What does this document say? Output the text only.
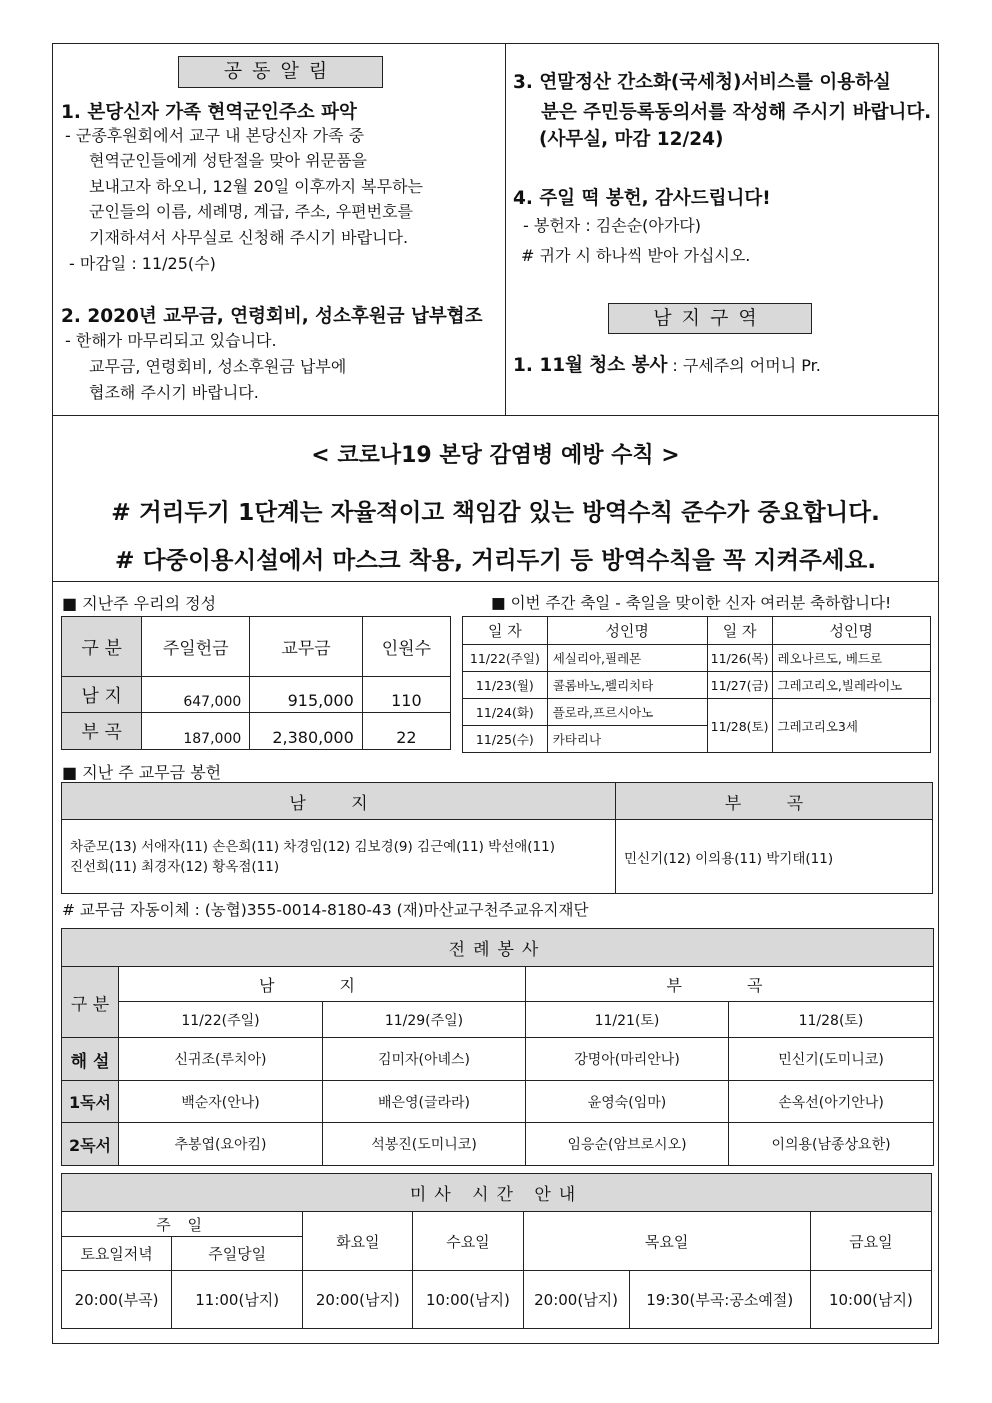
공동알림
1. 본당신자 가족 현역군인주소 파악
- 군종후원회에서 교구 내 본당신자 가족 중
현역군인들에게 성탄절을 맞아 위문품을
보내고자 하오니, 12월 20일 이후까지 복무하는
군인들의 이름, 세례명, 계급, 주소, 우편번호를
기재하셔서 사무실로 신청해 주시기 바랍니다.
- 마감일 : 11/25(수)
2. 2020년 교무금, 연령회비, 성소후원금 납부협조
- 한해가 마무리되고 있습니다.
교무금, 연령회비, 성소후원금 납부에
협조해 주시기 바랍니다.
3. 연말정산 간소화(국세청)서비스를 이용하실
분은 주민등록동의서를 작성해 주시기 바랍니다.
(사무실, 마감 12/24)
4. 주일 떡 봉헌, 감사드립니다!
- 봉헌자 : 김손순(아가다)
# 귀가 시 하나씩 받아 가십시오.
남지구역
1. 11월 청소 봉사 : 구세주의 어머니 Pr.
< 코로나19 본당 감염병 예방 수칙 >
# 거리두기 1단계는 자율적이고 책임감 있는 방역수칙 준수가 중요합니다.
# 다중이용시설에서 마스크 착용, 거리두기 등 방역수칙을 꼭 지켜주세요.
■ 지난주 우리의 정성
구 분	주일헌금	교무금	인원수
남 지	647,000	915,000	110
부 곡	187,000	2,380,000	22
■ 이번 주간 축일 - 축일을 맞이한 신자 여러분 축하합니다!
일 자	성인명	일 자	성인명
11/22(주일)	세실리아,필레몬	11/26(목)	레오나르도, 베드로
11/23(월)	콜롬바노,펠리치타	11/27(금)	그레고리오,빌레라이노
11/24(화)	플로라,프르시아노	11/28(토)	그레고리오3세
11/25(수)	카타리나		
■ 지난 주 교무금 봉헌
남 지	부 곡

차준모(13) 서애자(11) 손은희(11) 차경임(12) 김보경(9) 김근예(11) 박선애(11)
진선희(11) 최경자(12) 황옥점(11)	민신기(12) 이의용(11) 박기태(11)
# 교무금 자동이체 : (농협)355-0014-8180-43 (재)마산교구천주교유지재단
전례봉사				
구 분	남 지		부 곡	
	11/22(주일)	11/29(주일)	11/21(토)	11/28(토)
해 설	신귀조(루치아)	김미자(아녜스)	강명아(마리안나)	민신기(도미니코)
1독서	백순자(안나)	배은영(글라라)	윤영숙(임마)	손옥선(아기안나)
2독서	추봉엽(요아킴)	석봉진(도미니코)	임응순(암브로시오)	이의용(남종상요한)
미사 시간 안내						
주 일		화요일	수요일	목요일		금요일
토요일저녁	주일당일					
20:00(부곡)	11:00(남지)	20:00(남지)	10:00(남지)	20:00(남지)	19:30(부곡:공소예절)	10:00(남지)
